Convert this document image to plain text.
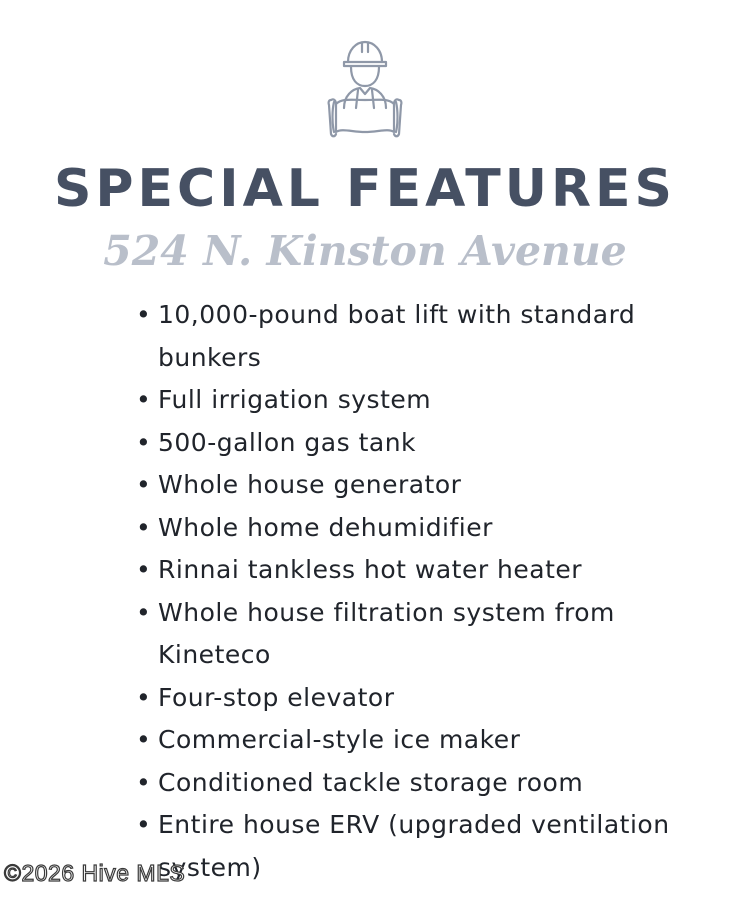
SPECIAL FEATURES
524 N. Kinston Avenue
• 10,000-pound boat lift with standard bunkers
• Full irrigation system
• 500-gallon gas tank
• Whole house generator
• Whole home dehumidifier
• Rinnai tankless hot water heater
• Whole house filtration system from Kineteco
• Four-stop elevator
• Commercial-style ice maker
• Conditioned tackle storage room
• Entire house ERV (upgraded ventilation system)
©2026 Hive MLS
